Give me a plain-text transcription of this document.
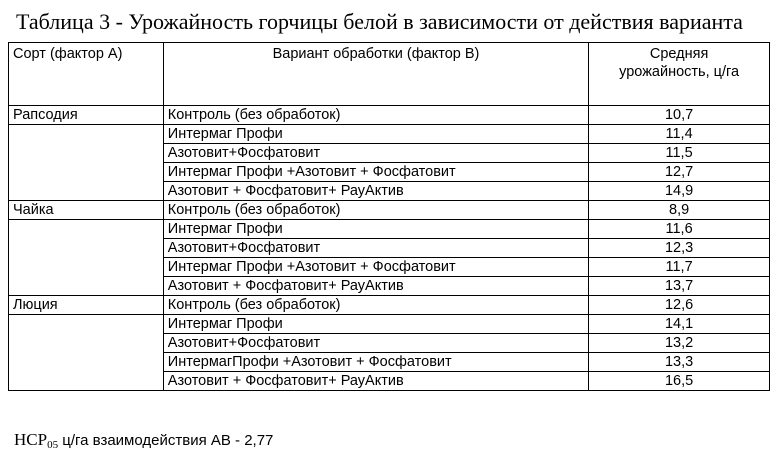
Таблица 3 - Урожайность горчицы белой в зависимости от действия варианта
Сорт (фактор А)	Вариант обработки (фактор В)	Средняя
урожайность, ц/га
Рапсодия	Контроль (без обработок)	10,7
	Интермаг Профи	11,4
	Азотовит+Фосфатовит	11,5
	Интермаг Профи +Азотовит + Фосфатовит	12,7
	Азотовит + Фосфатовит+ РауАктив	14,9
Чайка	Контроль (без обработок)	8,9
	Интермаг Профи	11,6
	Азотовит+Фосфатовит	12,3
	Интермаг Профи +Азотовит + Фосфатовит	11,7
	Азотовит + Фосфатовит+ РауАктив	13,7
Люция	Контроль (без обработок)	12,6
	Интермаг Профи	14,1
	Азотовит+Фосфатовит	13,2
	ИнтермагПрофи +Азотовит + Фосфатовит	13,3
	Азотовит + Фосфатовит+ РауАктив	16,5
$НСР_{05}$ ц/га взаимодействия АВ - 2,77
